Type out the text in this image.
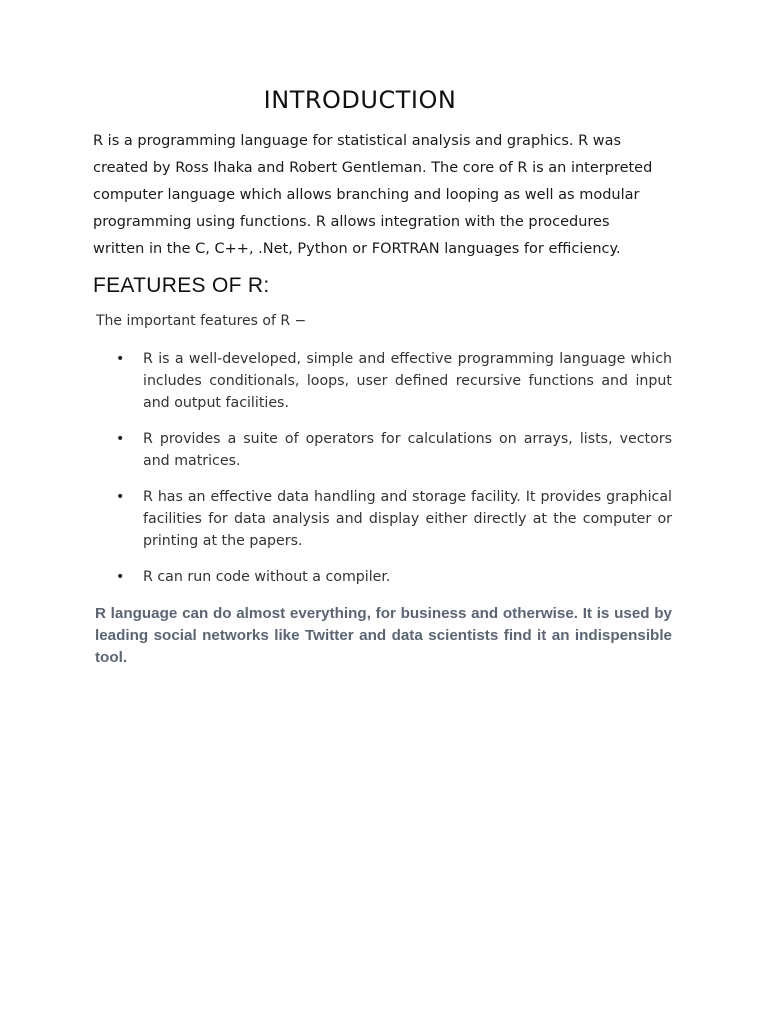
INTRODUCTION

R is a programming language for statistical analysis and graphics. R was created by Ross Ihaka and Robert Gentleman. The core of R is an interpreted computer language which allows branching and looping as well as modular programming using functions. R allows integration with the procedures written in the C, C++, .Net, Python or FORTRAN languages for efficiency.

FEATURES OF R:

The important features of R −

• R is a well-developed, simple and effective programming language which includes conditionals, loops, user defined recursive functions and input and output facilities.
• R provides a suite of operators for calculations on arrays, lists, vectors and matrices.
• R has an effective data handling and storage facility. It provides graphical facilities for data analysis and display either directly at the computer or printing at the papers.
• R can run code without a compiler.

R language can do almost everything, for business and otherwise. It is used by leading social networks like Twitter and data scientists find it an indispensible tool.
